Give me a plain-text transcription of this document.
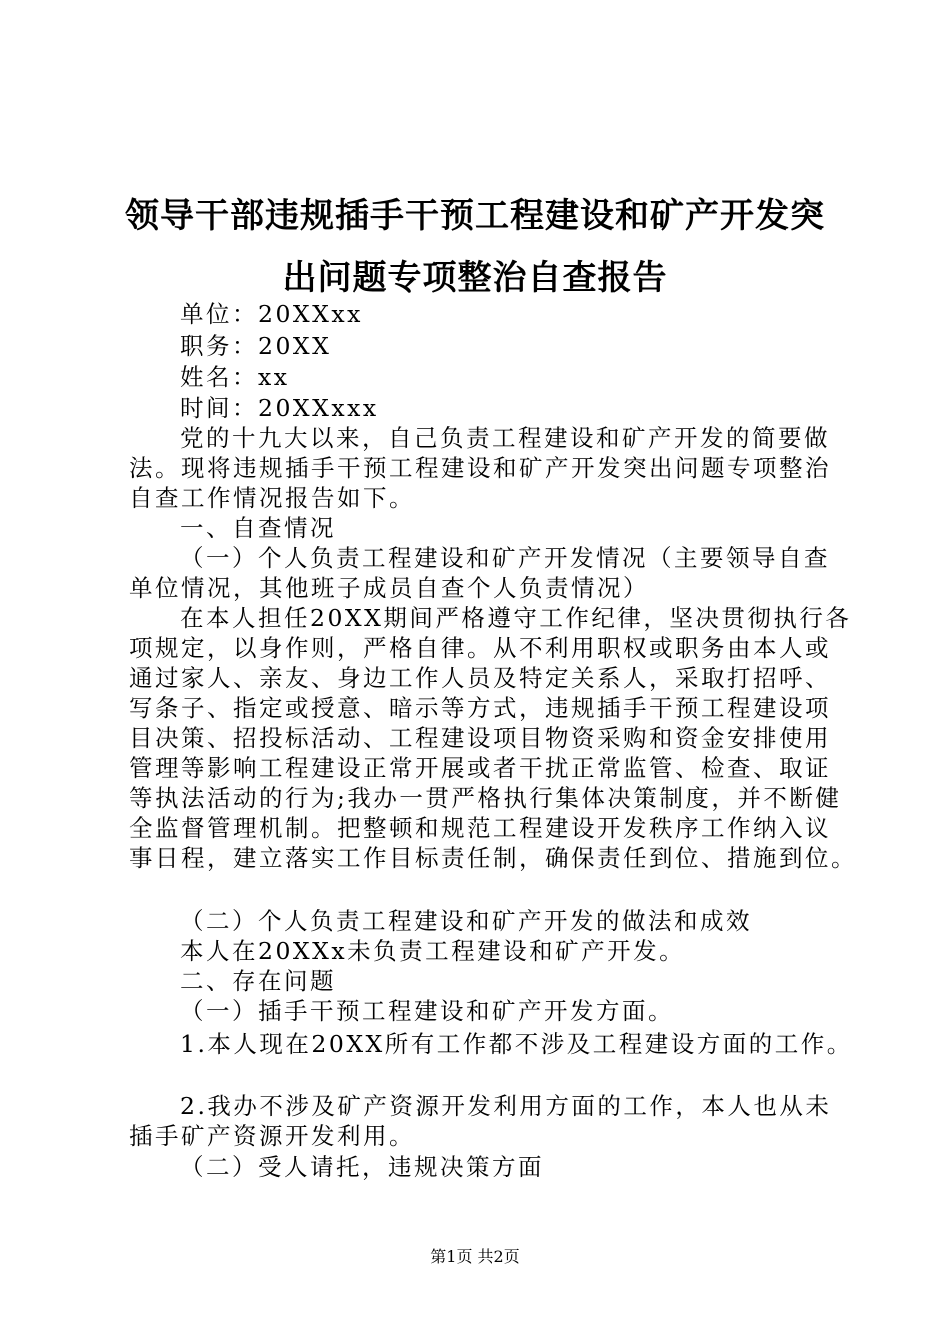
领导干部违规插手干预工程建设和矿产开发突
出问题专项整治自查报告
单位：20XXxx
职务：20XX
姓名：xx
时间：20XXxxx
党的十九大以来，自己负责工程建设和矿产开发的简要做
法。现将违规插手干预工程建设和矿产开发突出问题专项整治
自查工作情况报告如下。
一、自查情况
（一）个人负责工程建设和矿产开发情况（主要领导自查
单位情况，其他班子成员自查个人负责情况）
在本人担任20XX期间严格遵守工作纪律，坚决贯彻执行各
项规定，以身作则，严格自律。从不利用职权或职务由本人或
通过家人、亲友、身边工作人员及特定关系人，采取打招呼、
写条子、指定或授意、暗示等方式，违规插手干预工程建设项
目决策、招投标活动、工程建设项目物资采购和资金安排使用
管理等影响工程建设正常开展或者干扰正常监管、检查、取证
等执法活动的行为;我办一贯严格执行集体决策制度，并不断健
全监督管理机制。把整顿和规范工程建设开发秩序工作纳入议
事日程，建立落实工作目标责任制，确保责任到位、措施到位。
（二）个人负责工程建设和矿产开发的做法和成效
本人在20XXx未负责工程建设和矿产开发。
二、存在问题
（一）插手干预工程建设和矿产开发方面。
1.本人现在20XX所有工作都不涉及工程建设方面的工作。
2.我办不涉及矿产资源开发利用方面的工作，本人也从未
插手矿产资源开发利用。
（二）受人请托，违规决策方面
第1页 共2页
